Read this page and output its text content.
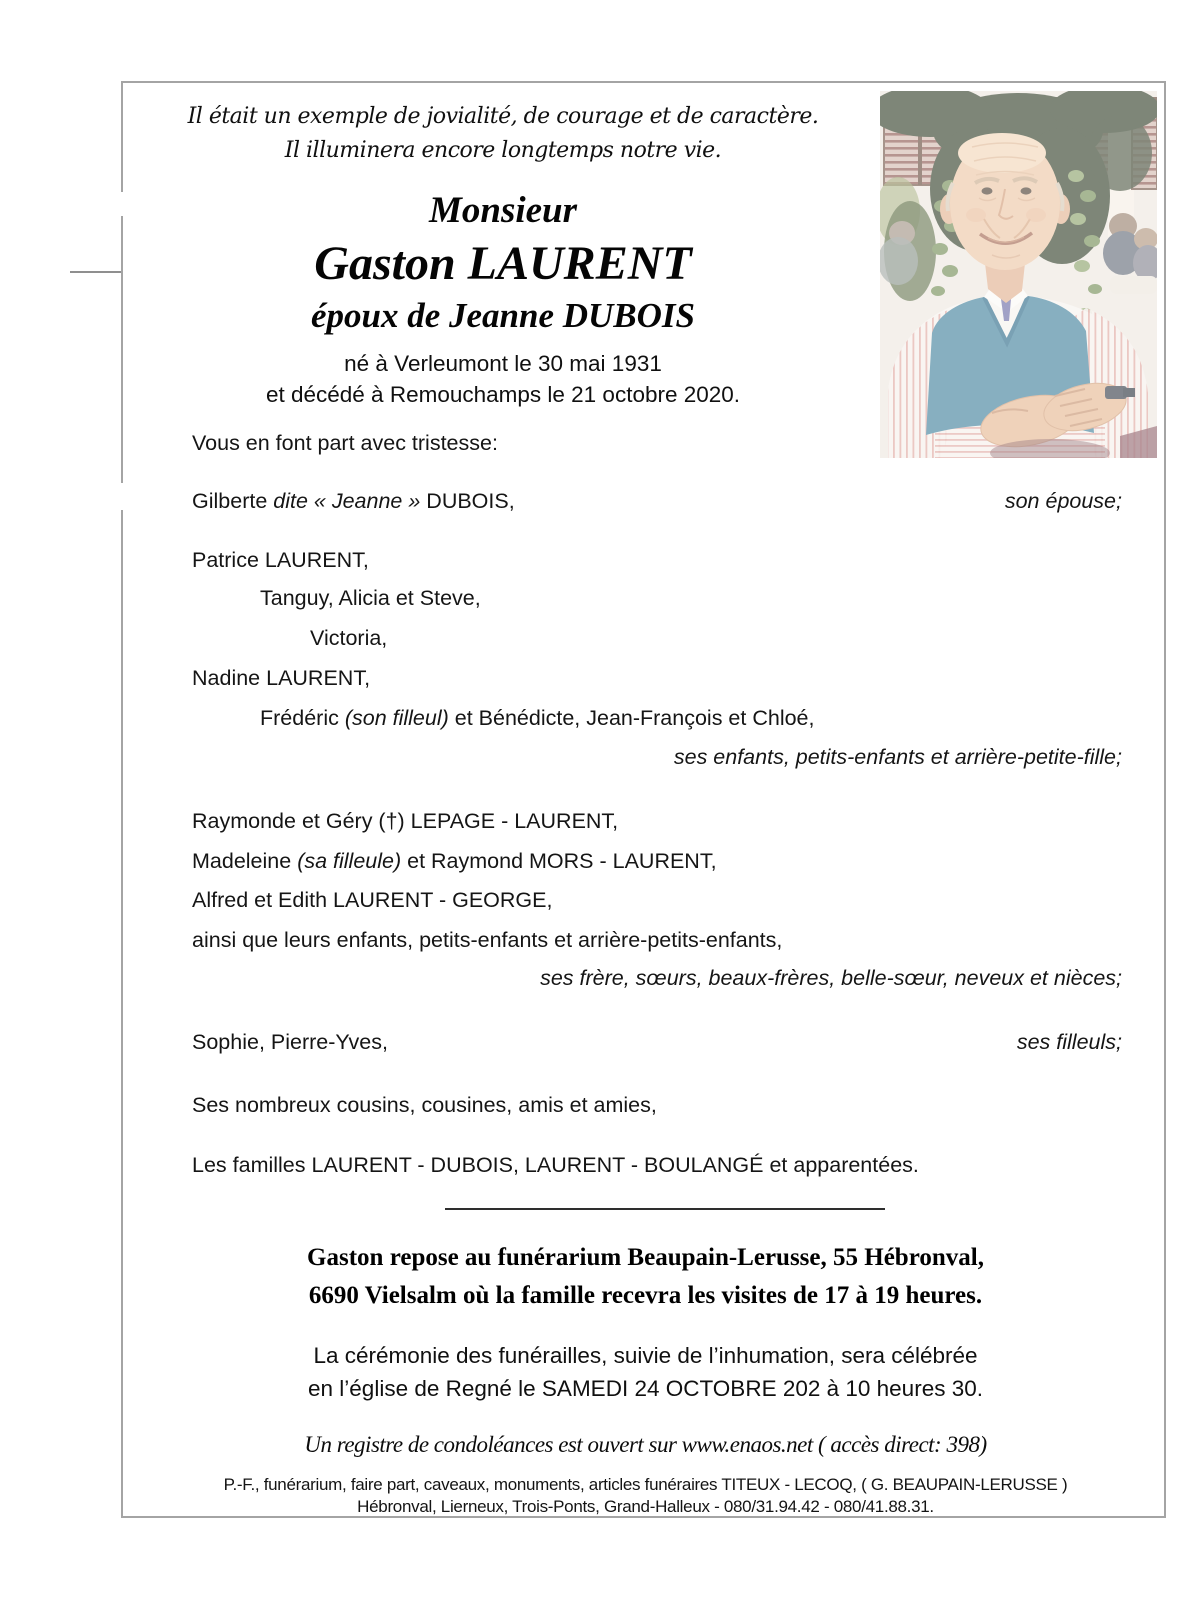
Il était un exemple de jovialité, de courage et de caractère.
Il illuminera encore longtemps notre vie.
Monsieur
Gaston LAURENT
époux de Jeanne DUBOIS
né à Verleumont le 30 mai 1931
et décédé à Remouchamps le 21 octobre 2020.
Vous en font part avec tristesse:
Gilberte dite « Jeanne » DUBOIS,	son épouse;
Patrice LAURENT,
Tanguy, Alicia et Steve,
Victoria,
Nadine LAURENT,
Frédéric (son filleul) et Bénédicte, Jean-François et Chloé,
ses enfants, petits-enfants et arrière-petite-fille;
Raymonde et Géry (†) LEPAGE - LAURENT,
Madeleine (sa filleule) et Raymond MORS - LAURENT,
Alfred et Edith LAURENT - GEORGE,
ainsi que leurs enfants, petits-enfants et arrière-petits-enfants,
ses frère, sœurs, beaux-frères, belle-sœur, neveux et nièces;
Sophie, Pierre-Yves,	ses filleuls;
Ses nombreux cousins, cousines, amis et amies,
Les familles LAURENT - DUBOIS, LAURENT - BOULANGÉ et apparentées.
Gaston repose au funérarium Beaupain-Lerusse, 55 Hébronval,
6690 Vielsalm où la famille recevra les visites de 17 à 19 heures.
La cérémonie des funérailles, suivie de l’inhumation, sera célébrée
en l’église de Regné le SAMEDI 24 OCTOBRE 202 à 10 heures 30.
Un registre de condoléances est ouvert sur www.enaos.net ( accès direct: 398)
P.-F., funérarium, faire part, caveaux, monuments, articles funéraires TITEUX - LECOQ, ( G. BEAUPAIN-LERUSSE )
Hébronval, Lierneux, Trois-Ponts, Grand-Halleux - 080/31.94.42 - 080/41.88.31.
